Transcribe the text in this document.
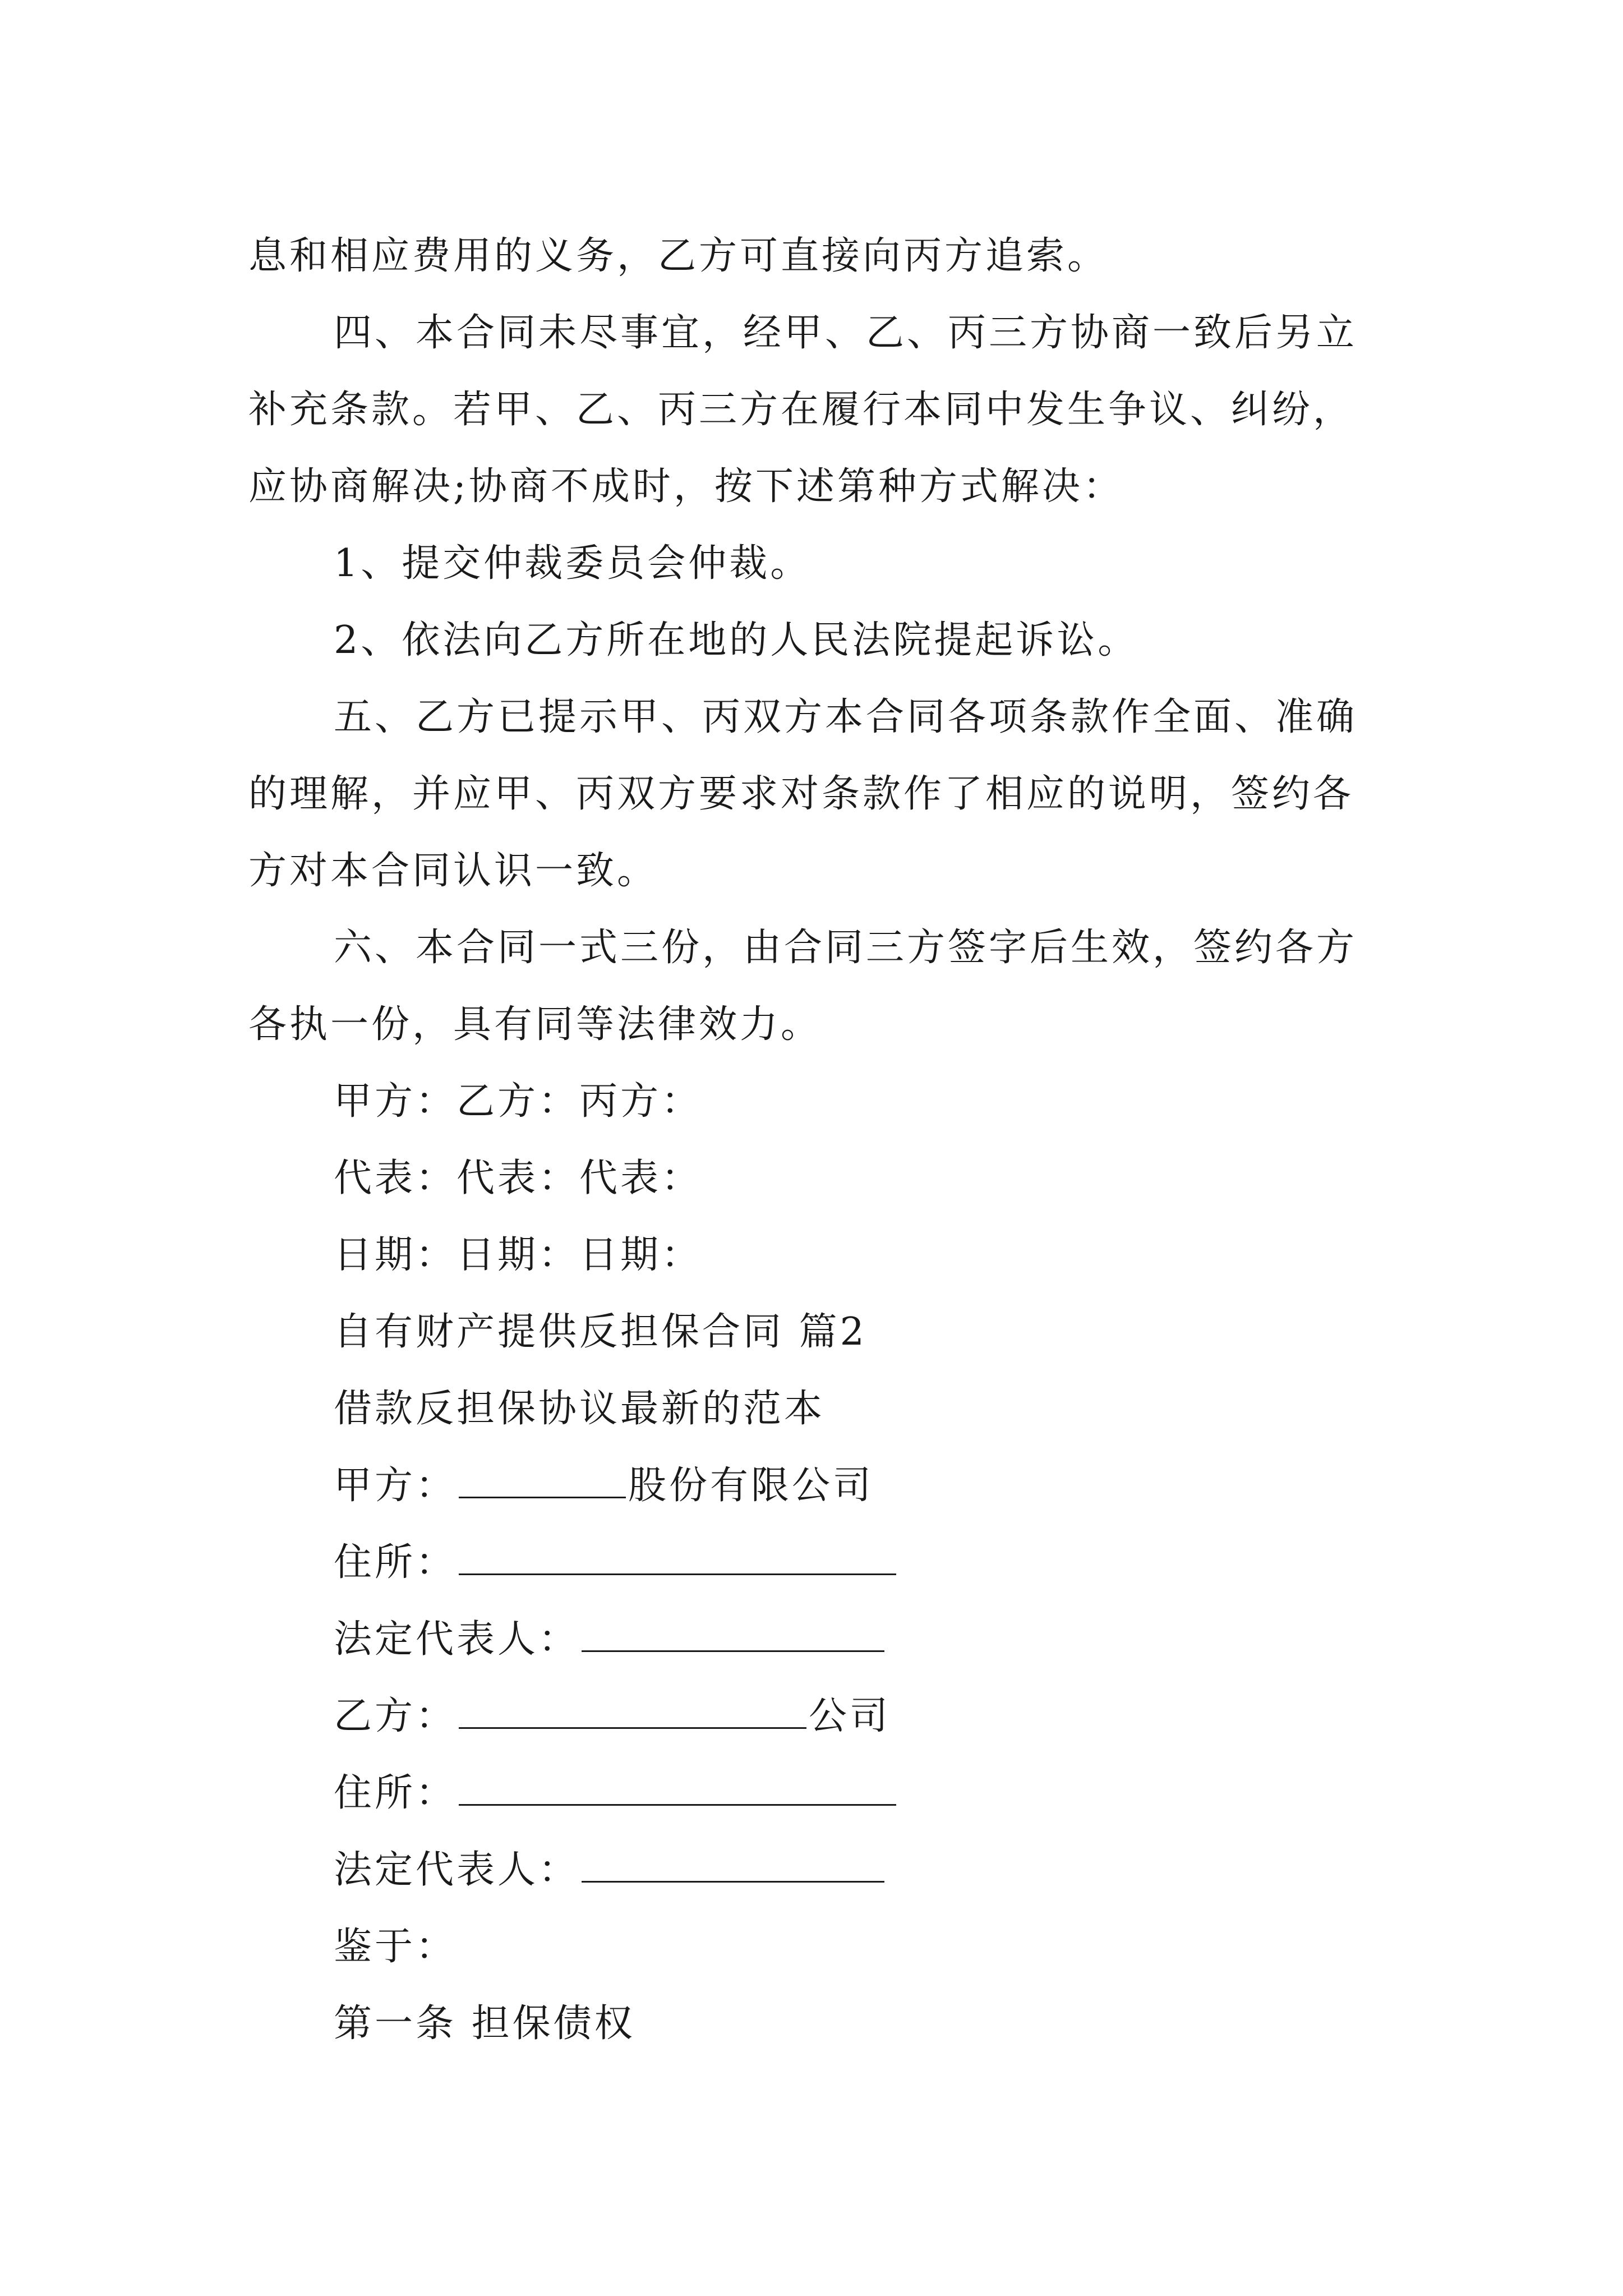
息和相应费用的义务，乙方可直接向丙方追索。

四、本合同未尽事宜，经甲、乙、丙三方协商一致后另立补充条款。若甲、乙、丙三方在履行本同中发生争议、纠纷，应协商解决;协商不成时，按下述第种方式解决：

1、提交仲裁委员会仲裁。

2、依法向乙方所在地的人民法院提起诉讼。

五、乙方已提示甲、丙双方本合同各项条款作全面、准确的理解，并应甲、丙双方要求对条款作了相应的说明，签约各方对本合同认识一致。

六、本合同一式三份，由合同三方签字后生效，签约各方各执一份，具有同等法律效力。

甲方：乙方：丙方：

代表：代表：代表：

日期：日期：日期：

自有财产提供反担保合同 篇2

借款反担保协议最新的范本

甲方：	股份有限公司

住所：

法定代表人：

乙方：	公司

住所：

法定代表人：

鉴于：

第一条 担保债权
